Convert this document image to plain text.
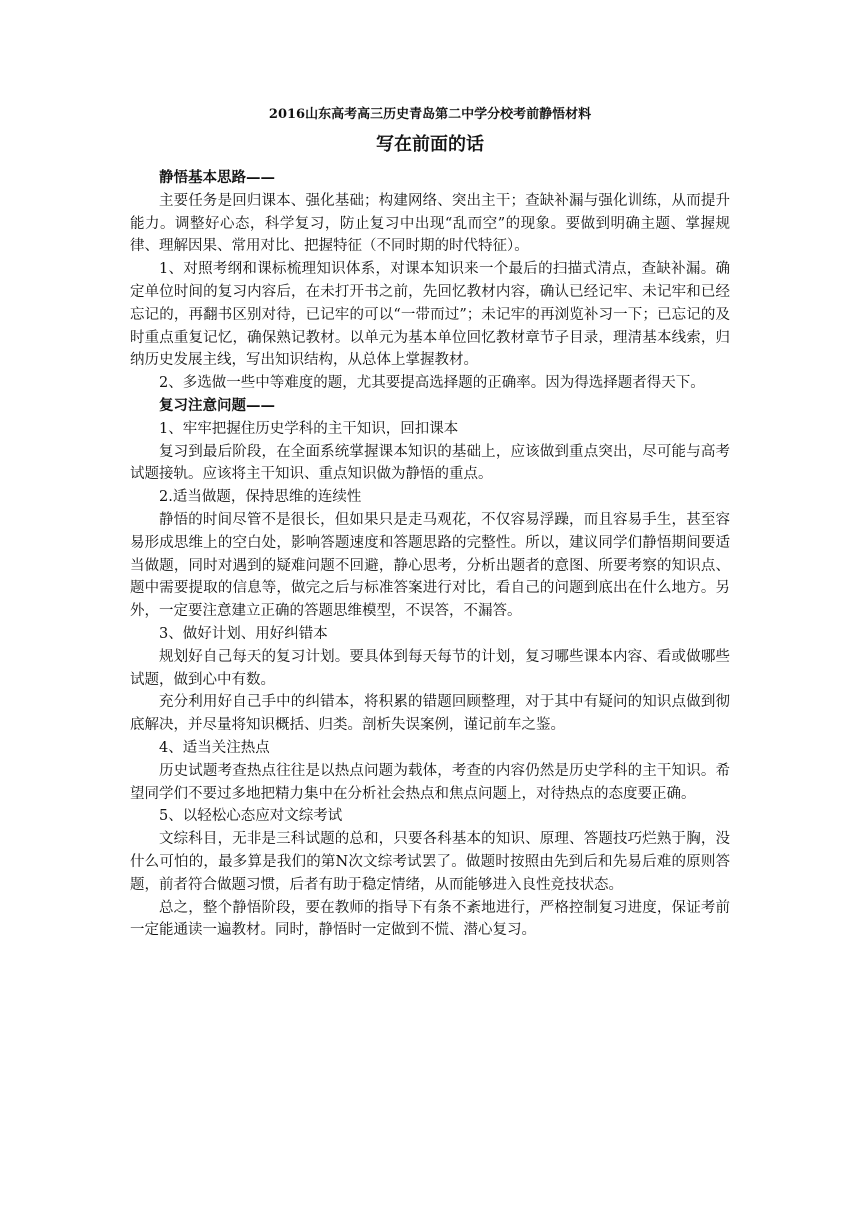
2016山东高考高三历史青岛第二中学分校考前静悟材料
写在前面的话

静悟基本思路——

主要任务是回归课本、强化基础；构建网络、突出主干；查缺补漏与强化训练，从而提升能力。调整好心态，科学复习，防止复习中出现“乱而空”的现象。要做到明确主题、掌握规律、理解因果、常用对比、把握特征（不同时期的时代特征）。

1、对照考纲和课标梳理知识体系，对课本知识来一个最后的扫描式清点，查缺补漏。确定单位时间的复习内容后，在未打开书之前，先回忆教材内容，确认已经记牢、未记牢和已经忘记的，再翻书区别对待，已记牢的可以“一带而过”；未记牢的再浏览补习一下；已忘记的及时重点重复记忆，确保熟记教材。以单元为基本单位回忆教材章节子目录，理清基本线索，归纳历史发展主线，写出知识结构，从总体上掌握教材。

2、多选做一些中等难度的题，尤其要提高选择题的正确率。因为得选择题者得天下。

复习注意问题——

1、牢牢把握住历史学科的主干知识，回扣课本

复习到最后阶段，在全面系统掌握课本知识的基础上，应该做到重点突出，尽可能与高考试题接轨。应该将主干知识、重点知识做为静悟的重点。

2.适当做题，保持思维的连续性

静悟的时间尽管不是很长，但如果只是走马观花，不仅容易浮躁，而且容易手生，甚至容易形成思维上的空白处，影响答题速度和答题思路的完整性。所以，建议同学们静悟期间要适当做题，同时对遇到的疑难问题不回避，静心思考，分析出题者的意图、所要考察的知识点、题中需要提取的信息等，做完之后与标准答案进行对比，看自己的问题到底出在什么地方。另外，一定要注意建立正确的答题思维模型，不误答，不漏答。

3、做好计划、用好纠错本

规划好自己每天的复习计划。要具体到每天每节的计划，复习哪些课本内容、看或做哪些试题，做到心中有数。

充分利用好自己手中的纠错本，将积累的错题回顾整理，对于其中有疑问的知识点做到彻底解决，并尽量将知识概括、归类。剖析失误案例，谨记前车之鉴。

4、适当关注热点

历史试题考查热点往往是以热点问题为载体，考查的内容仍然是历史学科的主干知识。希望同学们不要过多地把精力集中在分析社会热点和焦点问题上，对待热点的态度要正确。

5、以轻松心态应对文综考试

文综科目，无非是三科试题的总和，只要各科基本的知识、原理、答题技巧烂熟于胸，没什么可怕的，最多算是我们的第N次文综考试罢了。做题时按照由先到后和先易后难的原则答题，前者符合做题习惯，后者有助于稳定情绪，从而能够进入良性竞技状态。

总之，整个静悟阶段，要在教师的指导下有条不紊地进行，严格控制复习进度，保证考前一定能通读一遍教材。同时，静悟时一定做到不慌、潜心复习。
